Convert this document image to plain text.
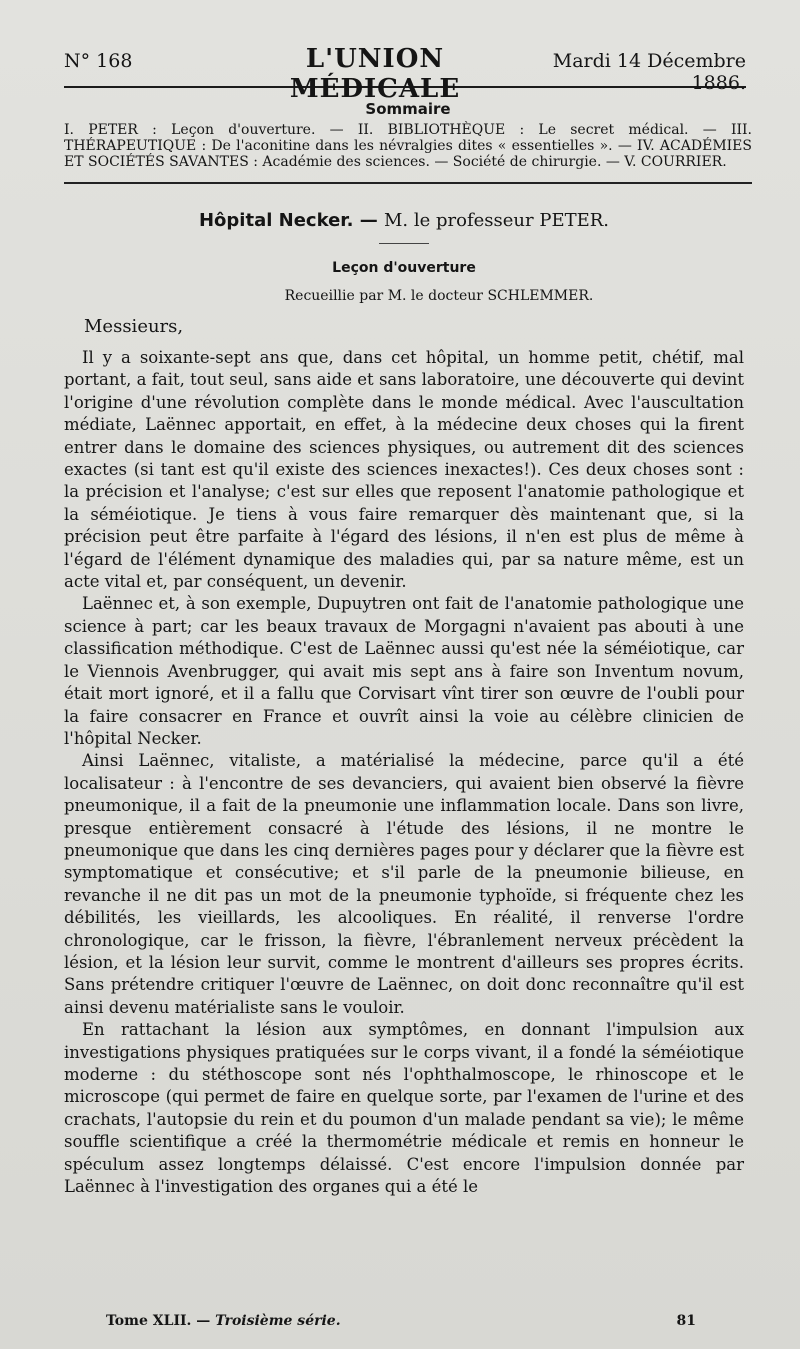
N° 168	L'UNION MÉDICALE
Mardi 14 Décembre 1886.
Sommaire
I. PETER : Leçon d'ouverture. — II. BIBLIOTHÈQUE : Le secret médical. — III. THÉRAPEUTIQUE : De l'aconitine dans les névralgies dites « essentielles ». — IV. ACADÉMIES ET SOCIÉTÉS SAVANTES : Académie des sciences. — Société de chirurgie. — V. COURRIER.
Hôpital Necker. — M. le professeur PETER.
Leçon d'ouverture
Recueillie par M. le docteur SCHLEMMER.
Messieurs,

Il y a soixante-sept ans que, dans cet hôpital, un homme petit, chétif, mal portant, a fait, tout seul, sans aide et sans laboratoire, une découverte qui devint l'origine d'une révolution complète dans le monde médical. Avec l'auscultation médiate, Laënnec apportait, en effet, à la médecine deux choses qui la firent entrer dans le domaine des sciences physiques, ou autrement dit des sciences exactes (si tant est qu'il existe des sciences inexactes!). Ces deux choses sont : la précision et l'analyse; c'est sur elles que reposent l'anatomie pathologique et la séméiotique. Je tiens à vous faire remarquer dès maintenant que, si la précision peut être parfaite à l'égard des lésions, il n'en est plus de même à l'égard de l'élément dynamique des maladies qui, par sa nature même, est un acte vital et, par conséquent, un devenir.

Laënnec et, à son exemple, Dupuytren ont fait de l'anatomie pathologique une science à part; car les beaux travaux de Morgagni n'avaient pas abouti à une classification méthodique. C'est de Laënnec aussi qu'est née la séméiotique, car le Viennois Avenbrugger, qui avait mis sept ans à faire son Inventum novum, était mort ignoré, et il a fallu que Corvisart vînt tirer son œuvre de l'oubli pour la faire consacrer en France et ouvrît ainsi la voie au célèbre clinicien de l'hôpital Necker.

Ainsi Laënnec, vitaliste, a matérialisé la médecine, parce qu'il a été localisateur : à l'encontre de ses devanciers, qui avaient bien observé la fièvre pneumonique, il a fait de la pneumonie une inflammation locale. Dans son livre, presque entièrement consacré à l'étude des lésions, il ne montre le pneumonique que dans les cinq dernières pages pour y déclarer que la fièvre est symptomatique et consécutive; et s'il parle de la pneumonie bilieuse, en revanche il ne dit pas un mot de la pneumonie typhoïde, si fréquente chez les débilités, les vieillards, les alcooliques. En réalité, il renverse l'ordre chronologique, car le frisson, la fièvre, l'ébranlement nerveux précèdent la lésion, et la lésion leur survit, comme le montrent d'ailleurs ses propres écrits. Sans prétendre critiquer l'œuvre de Laënnec, on doit donc reconnaître qu'il est ainsi devenu matérialiste sans le vouloir.

En rattachant la lésion aux symptômes, en donnant l'impulsion aux investigations physiques pratiquées sur le corps vivant, il a fondé la séméiotique moderne : du stéthoscope sont nés l'ophthalmoscope, le rhinoscope et le microscope (qui permet de faire en quelque sorte, par l'examen de l'urine et des crachats, l'autopsie du rein et du poumon d'un malade pendant sa vie); le même souffle scientifique a créé la thermométrie médicale et remis en honneur le spéculum assez longtemps délaissé. C'est encore l'impulsion donnée par Laënnec à l'investigation des organes qui a été le

Tome XLII. — Troisième série.	81
